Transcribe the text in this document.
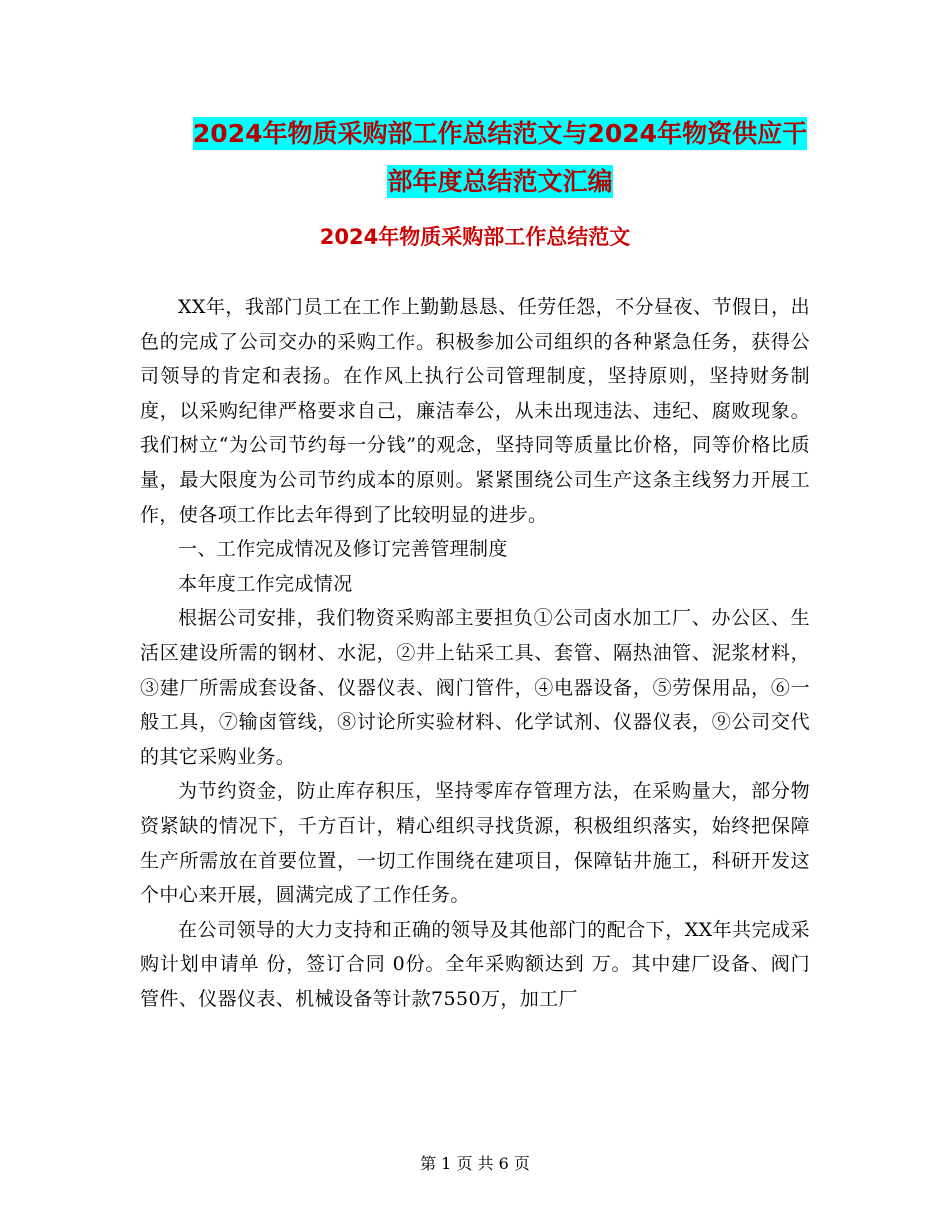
2024年物质采购部工作总结范文与2024年物资供应干
部年度总结范文汇编
2024年物质采购部工作总结范文

XX年，我部门员工在工作上勤勤恳恳、任劳任怨，不分昼夜、节假日，出色的完成了公司交办的采购工作。积极参加公司组织的各种紧急任务，获得公司领导的肯定和表扬。在作风上执行公司管理制度，坚持原则，坚持财务制度，以采购纪律严格要求自己，廉洁奉公，从未出现违法、违纪、腐败现象。我们树立“为公司节约每一分钱”的观念，坚持同等质量比价格，同等价格比质量，最大限度为公司节约成本的原则。紧紧围绕公司生产这条主线努力开展工作，使各项工作比去年得到了比较明显的进步。

一、工作完成情况及修订完善管理制度

本年度工作完成情况

根据公司安排，我们物资采购部主要担负①公司卤水加工厂、办公区、生活区建设所需的钢材、水泥，②井上钻采工具、套管、隔热油管、泥浆材料，③建厂所需成套设备、仪器仪表、阀门管件，④电器设备，⑤劳保用品，⑥一般工具，⑦输卤管线，⑧讨论所实验材料、化学试剂、仪器仪表，⑨公司交代的其它采购业务。

为节约资金，防止库存积压，坚持零库存管理方法，在采购量大，部分物资紧缺的情况下，千方百计，精心组织寻找货源，积极组织落实，始终把保障生产所需放在首要位置，一切工作围绕在建项目，保障钻井施工，科研开发这个中心来开展，圆满完成了工作任务。

在公司领导的大力支持和正确的领导及其他部门的配合下，XX年共完成采购计划申请单 份，签订合同 0份。全年采购额达到 万。其中建厂设备、阀门管件、仪器仪表、机械设备等计款7550万，加工厂

第 1 页 共 6 页
